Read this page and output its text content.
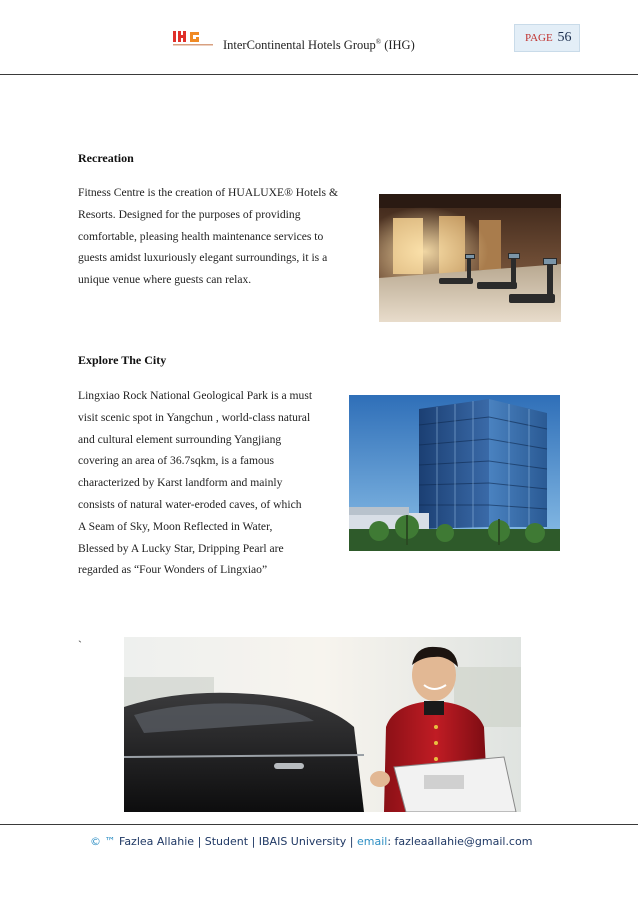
InterContinental Hotels Group® (IHG)
PAGE 56
Recreation
Fitness Centre is the creation of HUALUXE® Hotels &
Resorts. Designed for the purposes of providing
comfortable, pleasing health maintenance services to
guests amidst luxuriously elegant surroundings, it is a
unique venue where guests can relax.
Explore The City
Lingxiao Rock National Geological Park is a must
visit scenic spot in Yangchun , world-class natural
and cultural element surrounding Yangjiang
covering an area of 36.7sqkm, is a famous
characterized by Karst landform and mainly
consists of natural water-eroded caves, of which
A Seam of Sky, Moon Reflected in Water,
Blessed by A Lucky Star, Dripping Pearl are
regarded as “Four Wonders of Lingxiao”
`
© ™ Fazlea Allahie | Student | IBAIS University | email: fazleaallahie@gmail.com
